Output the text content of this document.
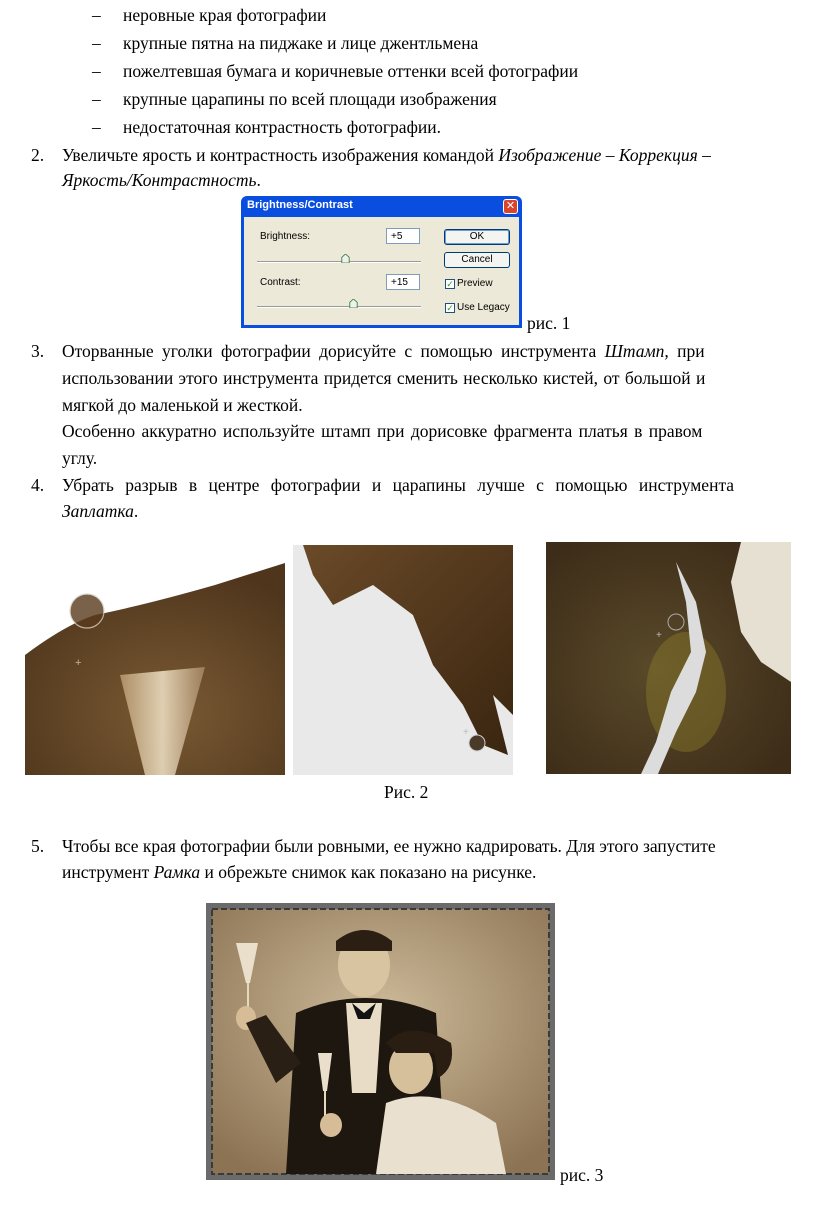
– неровные края фотографии
– крупные пятна на пиджаке и лице джентльмена
– пожелтевшая бумага и коричневые оттенки всей фотографии
– крупные царапины по всей площади изображения
– недостаточная контрастность фотографии.
2. Увеличьте ярость и контрастность изображения командой Изображение – Коррекция –
Яркость/Контрастность.
Brightness/Contrast	✕
Brightness:	+5
Contrast:	+15
OK
Cancel
✓ Preview
✓ Use Legacy
рис. 1
3. Оторванные уголки фотографии дорисуйте с помощью инструмента Штамп, при
использовании этого инструмента придется сменить несколько кистей, от большой и
мягкой до маленькой и жесткой.
Особенно аккуратно используйте штамп при дорисовке фрагмента платья в правом
углу.
4. Убрать разрыв в центре фотографии и царапины лучше с помощью инструмента
Заплатка.
+
+
+
Рис. 2
5. Чтобы все края фотографии были ровными, ее нужно кадрировать. Для этого запустите
инструмент Рамка и обрежьте снимок как показано на рисунке.
рис. 3
